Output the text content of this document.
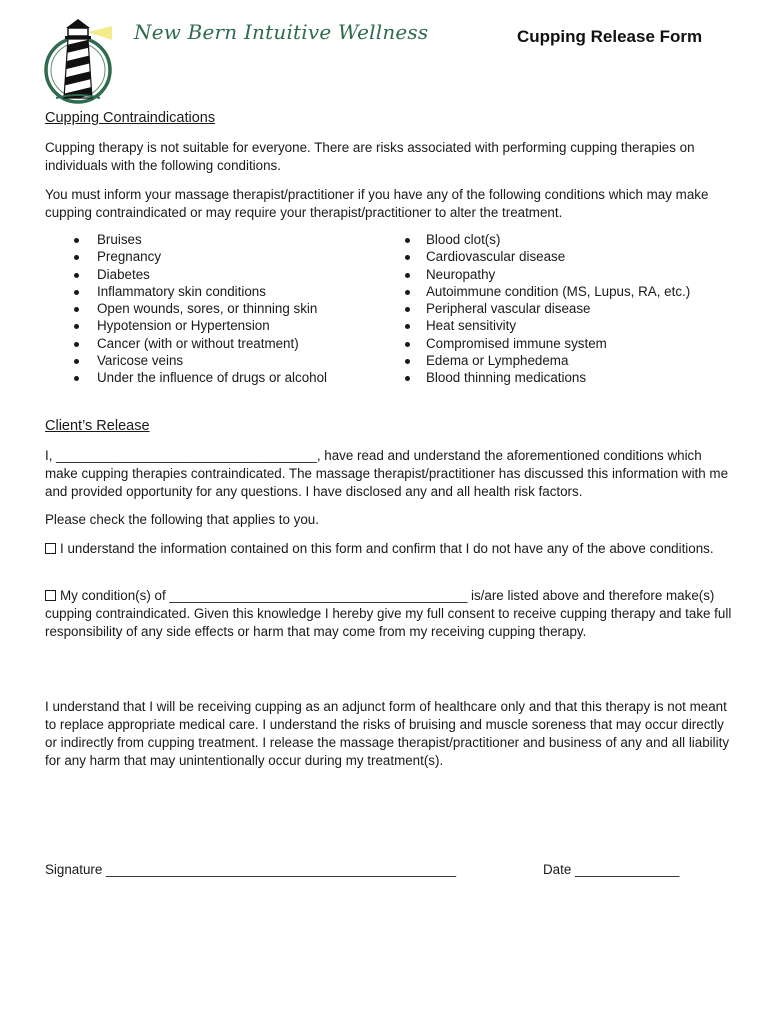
New Bern Intuitive Wellness	Cupping Release Form
Cupping Contraindications

Cupping therapy is not suitable for everyone. There are risks associated with performing cupping therapies on individuals with the following conditions.

You must inform your massage therapist/practitioner if you have any of the following conditions which may make cupping contraindicated or may require your therapist/practitioner to alter the treatment.

Bruises
Pregnancy
Diabetes
Inflammatory skin conditions
Open wounds, sores, or thinning skin
Hypotension or Hypertension
Cancer (with or without treatment)
Varicose veins
Under the influence of drugs or alcohol
Blood clot(s)
Cardiovascular disease
Neuropathy
Autoimmune condition (MS, Lupus, RA, etc.)
Peripheral vascular disease
Heat sensitivity
Compromised immune system
Edema or Lymphedema
Blood thinning medications
Client’s Release

I, ___________________________________, have read and understand the aforementioned conditions which make cupping therapies contraindicated. The massage therapist/practitioner has discussed this information with me and provided opportunity for any questions. I have disclosed any and all health risk factors.

Please check the following that applies to you.

I understand the information contained on this form and confirm that I do not have any of the above conditions.

My condition(s) of ________________________________________ is/are listed above and therefore make(s) cupping contraindicated. Given this knowledge I hereby give my full consent to receive cupping therapy and take full responsibility of any side effects or harm that may come from my receiving cupping therapy.

I understand that I will be receiving cupping as an adjunct form of healthcare only and that this therapy is not meant to replace appropriate medical care. I understand the risks of bruising and muscle soreness that may occur directly or indirectly from cupping treatment. I release the massage therapist/practitioner and business of any and all liability for any harm that may unintentionally occur during my treatment(s).

Signature _______________________________________________	Date ______________
